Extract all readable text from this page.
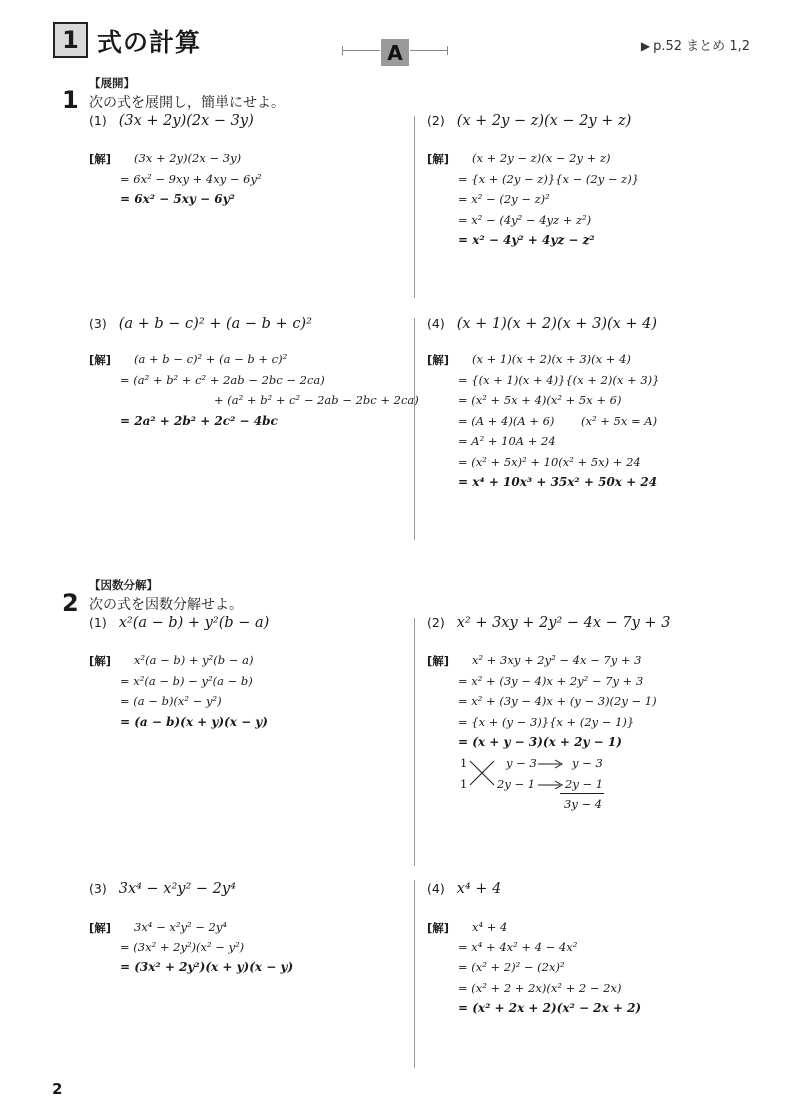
1 式の計算	A	▶ p.52 まとめ 1,2
【展開】
1 次の式を展開し，簡単にせよ。
(1) (3x + 2y)(2x − 3y)
[解] (3x + 2y)(2x − 3y)
= 6x² − 9xy + 4xy − 6y²
= 6x² − 5xy − 6y²
(2) (x + 2y − z)(x − 2y + z)
[解] (x + 2y − z)(x − 2y + z)
= {x + (2y − z)}{x − (2y − z)}
= x² − (2y − z)²
= x² − (4y² − 4yz + z²)
= x² − 4y² + 4yz − z²
(3) (a + b − c)² + (a − b + c)²
[解] (a + b − c)² + (a − b + c)²
= (a² + b² + c² + 2ab − 2bc − 2ca)
+ (a² + b² + c² − 2ab − 2bc + 2ca)
= 2a² + 2b² + 2c² − 4bc
(4) (x + 1)(x + 2)(x + 3)(x + 4)
[解] (x + 1)(x + 2)(x + 3)(x + 4)
= {(x + 1)(x + 4)}{(x + 2)(x + 3)}
= (x² + 5x + 4)(x² + 5x + 6)
= (A + 4)(A + 6) (x² + 5x = A)
= A² + 10A + 24
= (x² + 5x)² + 10(x² + 5x) + 24
= x⁴ + 10x³ + 35x² + 50x + 24
【因数分解】
2 次の式を因数分解せよ。
(1) x²(a − b) + y²(b − a)
[解] x²(a − b) + y²(b − a)
= x²(a − b) − y²(a − b)
= (a − b)(x² − y²)
= (a − b)(x + y)(x − y)
(2) x² + 3xy + 2y² − 4x − 7y + 3
[解] x² + 3xy + 2y² − 4x − 7y + 3
= x² + (3y − 4)x + 2y² − 7y + 3
= x² + (3y − 4)x + (y − 3)(2y − 1)
= {x + (y − 3)}{x + (2y − 1)}
= (x + y − 3)(x + 2y − 1)
1
1
y − 3
2y − 1
y − 3
2y − 1
3y − 4
(3) 3x⁴ − x²y² − 2y⁴
[解] 3x⁴ − x²y² − 2y⁴
= (3x² + 2y²)(x² − y²)
= (3x² + 2y²)(x + y)(x − y)
(4) x⁴ + 4
[解] x⁴ + 4
= x⁴ + 4x² + 4 − 4x²
= (x² + 2)² − (2x)²
= (x² + 2 + 2x)(x² + 2 − 2x)
= (x² + 2x + 2)(x² − 2x + 2)
2
